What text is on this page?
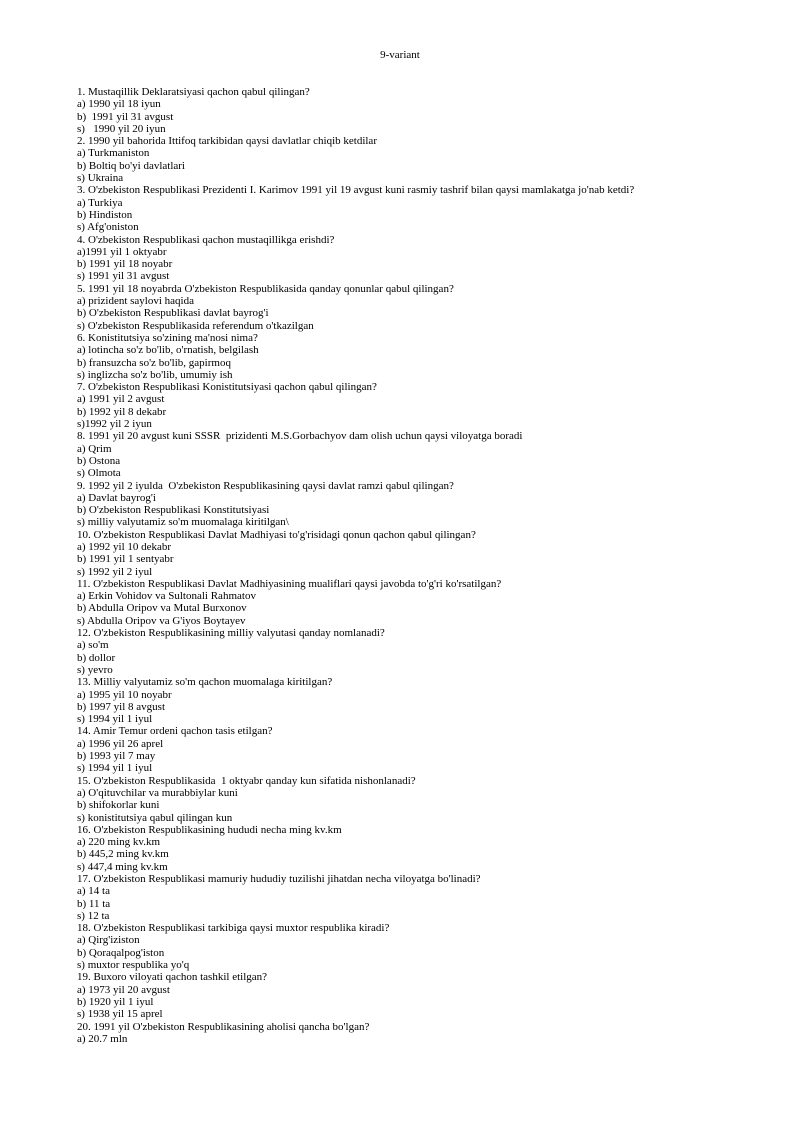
9-variant
1. Mustaqillik Deklaratsiyasi qachon qabul qilingan?
a) 1990 yil 18 iyun
b)  1991 yil 31 avgust
s)   1990 yil 20 iyun
2. 1990 yil bahorida Ittifoq tarkibidan qaysi davlatlar chiqib ketdilar
a) Turkmaniston
b) Boltiq bo'yi davlatlari
s) Ukraina
3. O'zbekiston Respublikasi Prezidenti I. Karimov 1991 yil 19 avgust kuni rasmiy tashrif bilan qaysi mamlakatga jo'nab ketdi?
a) Turkiya
b) Hindiston
s) Afg'oniston
4. O'zbekiston Respublikasi qachon mustaqillikga erishdi?
a)1991 yil 1 oktyabr
b) 1991 yil 18 noyabr
s) 1991 yil 31 avgust
5. 1991 yil 18 noyabrda O'zbekiston Respublikasida qanday qonunlar qabul qilingan?
a) prizident saylovi haqida
b) O'zbekiston Respublikasi davlat bayrog'i
s) O'zbekiston Respublikasida referendum o'tkazilgan
6. Konistitutsiya so'zining ma'nosi nima?
a) lotincha so'z bo'lib, o'rnatish, belgilash
b) fransuzcha so'z bo'lib, gapirmoq
s) inglizcha so'z bo'lib, umumiy ish
7. O'zbekiston Respublikasi Konistitutsiyasi qachon qabul qilingan?
a) 1991 yil 2 avgust
b) 1992 yil 8 dekabr
s)1992 yil 2 iyun
8. 1991 yil 20 avgust kuni SSSR  prizidenti M.S.Gorbachyov dam olish uchun qaysi viloyatga boradi
a) Qrim
b) Ostona
s) Olmota
9. 1992 yil 2 iyulda  O'zbekiston Respublikasining qaysi davlat ramzi qabul qilingan?
a) Davlat bayrog'i
b) O'zbekiston Respublikasi Konstitutsiyasi
s) milliy valyutamiz so'm muomalaga kiritilgan\
10. O'zbekiston Respublikasi Davlat Madhiyasi to'g'risidagi qonun qachon qabul qilingan?
a) 1992 yil 10 dekabr
b) 1991 yil 1 sentyabr
s) 1992 yil 2 iyul
11. O'zbekiston Respublikasi Davlat Madhiyasining mualiflari qaysi javobda to'g'ri ko'rsatilgan?
a) Erkin Vohidov va Sultonali Rahmatov
b) Abdulla Oripov va Mutal Burxonov
s) Abdulla Oripov va G'iyos Boytayev
12. O'zbekiston Respublikasining milliy valyutasi qanday nomlanadi?
a) so'm
b) dollor
s) yevro
13. Milliy valyutamiz so'm qachon muomalaga kiritilgan?
a) 1995 yil 10 noyabr
b) 1997 yil 8 avgust
s) 1994 yil 1 iyul
14. Amir Temur ordeni qachon tasis etilgan?
a) 1996 yil 26 aprel
b) 1993 yil 7 may
s) 1994 yil 1 iyul
15. O'zbekiston Respublikasida  1 oktyabr qanday kun sifatida nishonlanadi?
a) O'qituvchilar va murabbiylar kuni
b) shifokorlar kuni
s) konistitutsiya qabul qilingan kun
16. O'zbekiston Respublikasining hududi necha ming kv.km
a) 220 ming kv.km
b) 445,2 ming kv.km
s) 447,4 ming kv.km
17. O'zbekiston Respublikasi mamuriy hududiy tuzilishi jihatdan necha viloyatga bo'linadi?
a) 14 ta
b) 11 ta
s) 12 ta
18. O'zbekiston Respublikasi tarkibiga qaysi muxtor respublika kiradi?
a) Qirg'iziston
b) Qoraqalpog'iston
s) muxtor respublika yo'q
19. Buxoro viloyati qachon tashkil etilgan?
a) 1973 yil 20 avgust
b) 1920 yil 1 iyul
s) 1938 yil 15 aprel
20. 1991 yil O'zbekiston Respublikasining aholisi qancha bo'lgan?
a) 20.7 mln
